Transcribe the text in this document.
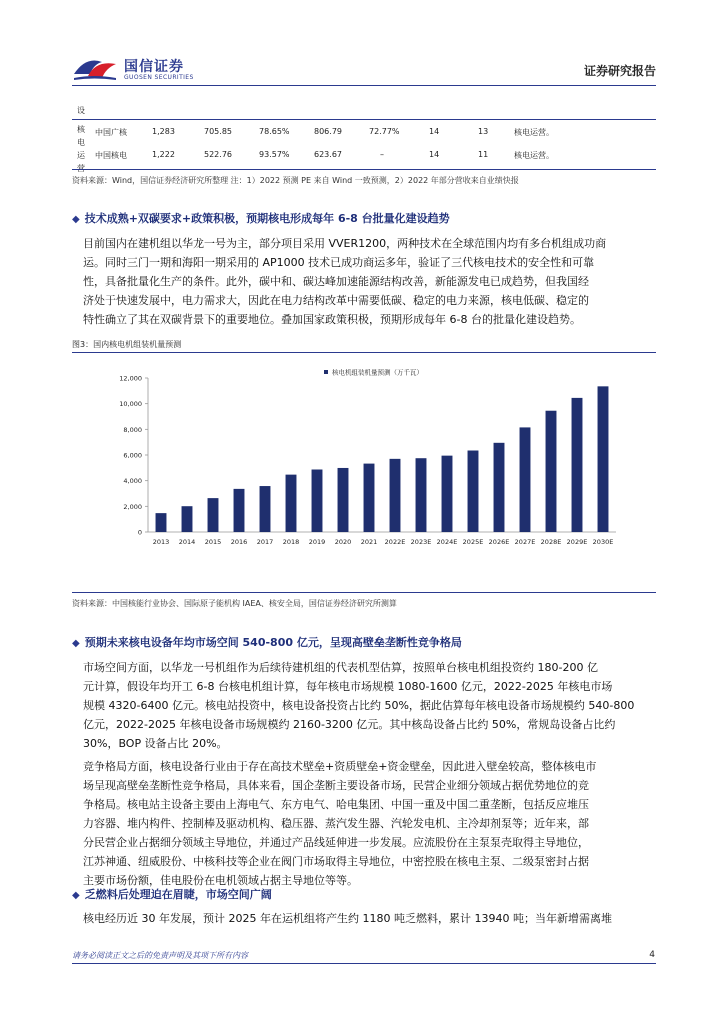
国信证券
GUOSEN SECURITIES	证券研究报告
设
核
电
运
中国广核	1,283	705.85	78.65%	806.79	72.77%	14	13	核电运营。
中国核电	1,222	522.76	93.57%	623.67	–	14	11	核电运营。
资料来源：Wind，国信证券经济研究所整理 注：1）2022 预测 PE 来自 Wind 一致预测，2）2022 年部分营收来自业绩快报
◆ 技术成熟+双碳要求+政策积极，预期核电形成每年 6-8 台批量化建设趋势
目前国内在建机组以华龙一号为主，部分项目采用 VVER1200，两种技术在全球范围内均有多台机组成功商
运。同时三门一期和海阳一期采用的 AP1000 技术已成功商运多年，验证了三代核电技术的安全性和可靠
性，具备批量化生产的条件。此外，碳中和、碳达峰加速能源结构改善，新能源发电已成趋势，但我国经
济处于快速发展中，电力需求大，因此在电力结构改革中需要低碳、稳定的电力来源，核电低碳、稳定的
特性确立了其在双碳背景下的重要地位。叠加国家政策积极，预期形成每年 6-8 台的批量化建设趋势。
图3：国内核电机组装机量预测
0
2,000
4,000
6,000
8,000
10,000
12,000
2013 2014 2015 2016 2017 2018 2019 2020 2021 2022E 2023E 2024E 2025E 2026E 2027E 2028E 2029E 2030E
核电机组装机量预测（万千瓦）
资料来源：中国核能行业协会、国际原子能机构 IAEA、核安全局，国信证券经济研究所测算
◆ 预期未来核电设备年均市场空间 540-800 亿元，呈现高壁垒垄断性竞争格局
市场空间方面，以华龙一号机组作为后续待建机组的代表机型估算，按照单台核电机组投资约 180-200 亿
元计算，假设年均开工 6-8 台核电机组计算，每年核电市场规模 1080-1600 亿元，2022-2025 年核电市场
规模 4320-6400 亿元。核电站投资中，核电设备投资占比约 50%，据此估算每年核电设备市场规模约 540-800
亿元，2022-2025 年核电设备市场规模约 2160-3200 亿元。其中核岛设备占比约 50%，常规岛设备占比约
30%，BOP 设备占比 20%。
竞争格局方面，核电设备行业由于存在高技术壁垒+资质壁垒+资金壁垒，因此进入壁垒较高，整体核电市
场呈现高壁垒垄断性竞争格局，具体来看，国企垄断主要设备市场，民营企业细分领域占据优势地位的竞
争格局。核电站主设备主要由上海电气、东方电气、哈电集团、中国一重及中国二重垄断，包括反应堆压
力容器、堆内构件、控制棒及驱动机构、稳压器、蒸汽发生器、汽轮发电机、主冷却剂泵等；近年来，部
分民营企业占据细分领域主导地位，并通过产品线延伸进一步发展。应流股份在主泵泵壳取得主导地位，
江苏神通、纽威股份、中核科技等企业在阀门市场取得主导地位，中密控股在核电主泵、二级泵密封占据
主要市场份额，佳电股份在电机领域占据主导地位等等。
◆ 乏燃料后处理迫在眉睫，市场空间广阔
核电经历近 30 年发展，预计 2025 年在运机组将产生约 1180 吨乏燃料，累计 13940 吨；当年新增需离堆
请务必阅读正文之后的免责声明及其项下所有内容	4
